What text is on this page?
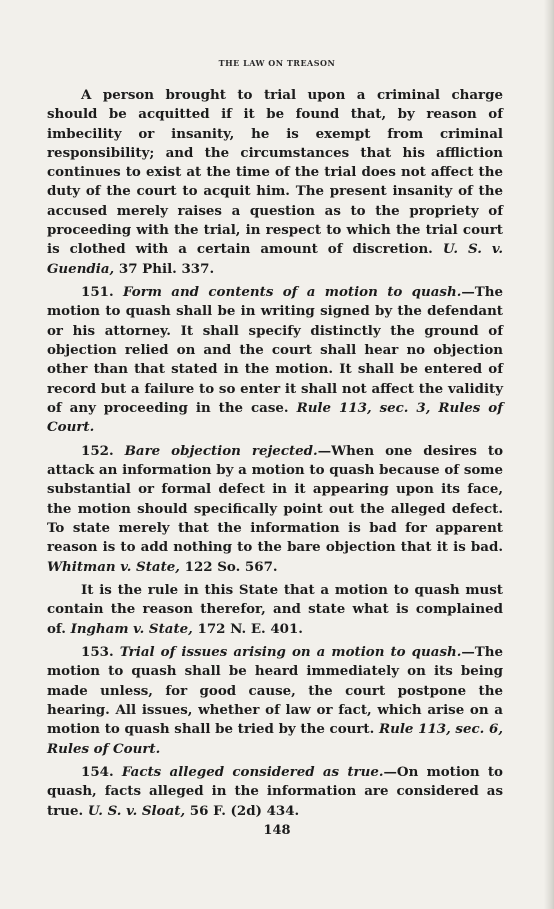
THE LAW ON TREASON

A person brought to trial upon a criminal charge should be acquitted if it be found that, by reason of imbecility or insanity, he is exempt from criminal responsibility; and the circumstances that his affliction continues to exist at the time of the trial does not affect the duty of the court to acquit him. The present insanity of the accused merely raises a question as to the propriety of proceeding with the trial, in respect to which the trial court is clothed with a certain amount of discretion. U. S. v. Guendia, 37 Phil. 337.

151. Form and contents of a motion to quash.—The motion to quash shall be in writing signed by the defendant or his attorney. It shall specify distinctly the ground of objection relied on and the court shall hear no objection other than that stated in the motion. It shall be entered of record but a failure to so enter it shall not affect the validity of any proceeding in the case. Rule 113, sec. 3, Rules of Court.

152. Bare objection rejected.—When one desires to attack an information by a motion to quash because of some substantial or formal defect in it appearing upon its face, the motion should specifically point out the alleged defect. To state merely that the information is bad for apparent reason is to add nothing to the bare objection that it is bad. Whitman v. State, 122 So. 567.

It is the rule in this State that a motion to quash must contain the reason therefor, and state what is complained of. Ingham v. State, 172 N. E. 401.

153. Trial of issues arising on a motion to quash.—The motion to quash shall be heard immediately on its being made unless, for good cause, the court postpone the hearing. All issues, whether of law or fact, which arise on a motion to quash shall be tried by the court. Rule 113, sec. 6, Rules of Court.

154. Facts alleged considered as true.—On motion to quash, facts alleged in the information are considered as true. U. S. v. Sloat, 56 F. (2d) 434.

148
